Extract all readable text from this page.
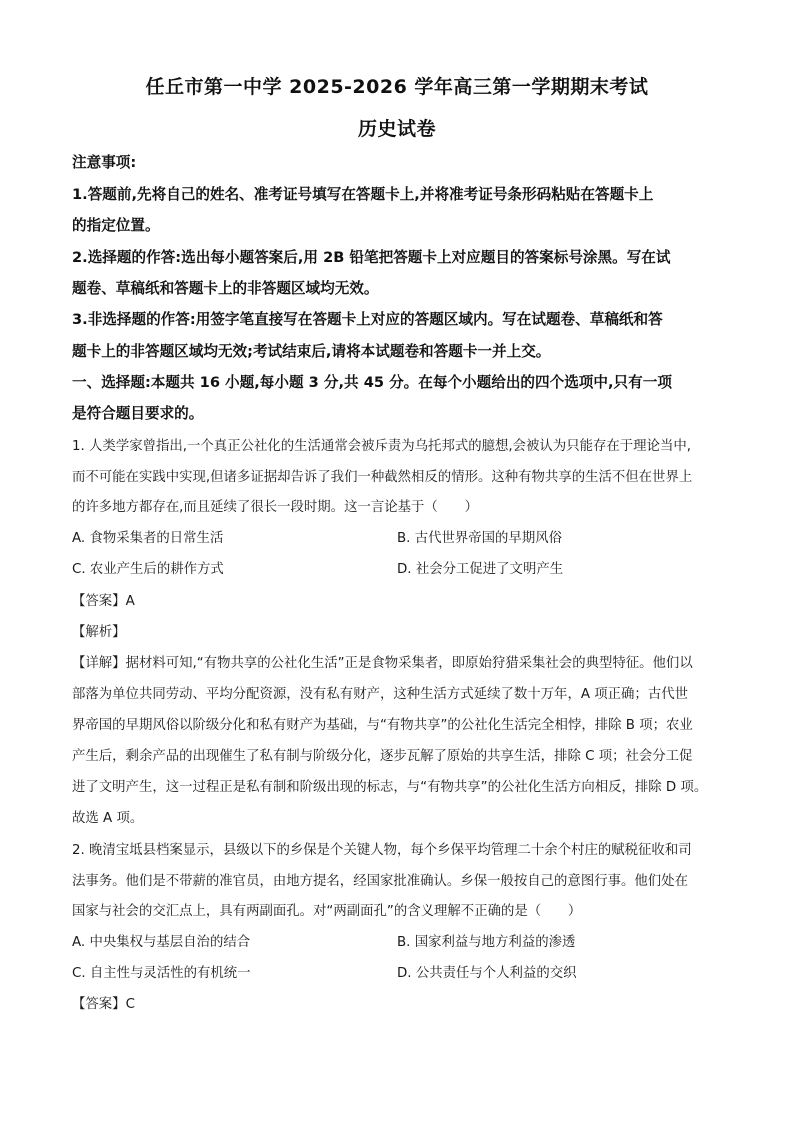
任丘市第一中学 2025-2026 学年高三第一学期期末考试
历史试卷
注意事项:
1.答题前,先将自己的姓名、准考证号填写在答题卡上,并将准考证号条形码粘贴在答题卡上
的指定位置。
2.选择题的作答:选出每小题答案后,用 2B 铅笔把答题卡上对应题目的答案标号涂黑。写在试
题卷、草稿纸和答题卡上的非答题区域均无效。
3.非选择题的作答:用签字笔直接写在答题卡上对应的答题区域内。写在试题卷、草稿纸和答
题卡上的非答题区域均无效;考试结束后,请将本试题卷和答题卡一并上交。
一、选择题:本题共 16 小题,每小题 3 分,共 45 分。在每个小题给出的四个选项中,只有一项
是符合题目要求的。
1. 人类学家曾指出,一个真正公社化的生活通常会被斥责为乌托邦式的臆想,会被认为只能存在于理论当中,
而不可能在实践中实现,但诸多证据却告诉了我们一种截然相反的情形。这种有物共享的生活不但在世界上
的许多地方都存在,而且延续了很长一段时期。这一言论基于（　　）
A. 食物采集者的日常生活	B. 古代世界帝国的早期风俗
C. 农业产生后的耕作方式	D. 社会分工促进了文明产生
【答案】A
【解析】
【详解】据材料可知,“有物共享的公社化生活”正是食物采集者，即原始狩猎采集社会的典型特征。他们以
部落为单位共同劳动、平均分配资源，没有私有财产，这种生活方式延续了数十万年，A 项正确；古代世
界帝国的早期风俗以阶级分化和私有财产为基础，与“有物共享”的公社化生活完全相悖，排除 B 项；农业
产生后，剩余产品的出现催生了私有制与阶级分化，逐步瓦解了原始的共享生活，排除 C 项；社会分工促
进了文明产生，这一过程正是私有制和阶级出现的标志，与“有物共享”的公社化生活方向相反，排除 D 项。
故选 A 项。
2. 晚清宝坻县档案显示，县级以下的乡保是个关键人物，每个乡保平均管理二十余个村庄的赋税征收和司
法事务。他们是不带薪的准官员，由地方提名，经国家批准确认。乡保一般按自己的意图行事。他们处在
国家与社会的交汇点上，具有两副面孔。对“两副面孔”的含义理解不正确的是（　　）
A. 中央集权与基层自治的结合	B. 国家利益与地方利益的渗透
C. 自主性与灵活性的有机统一	D. 公共责任与个人利益的交织
【答案】C
